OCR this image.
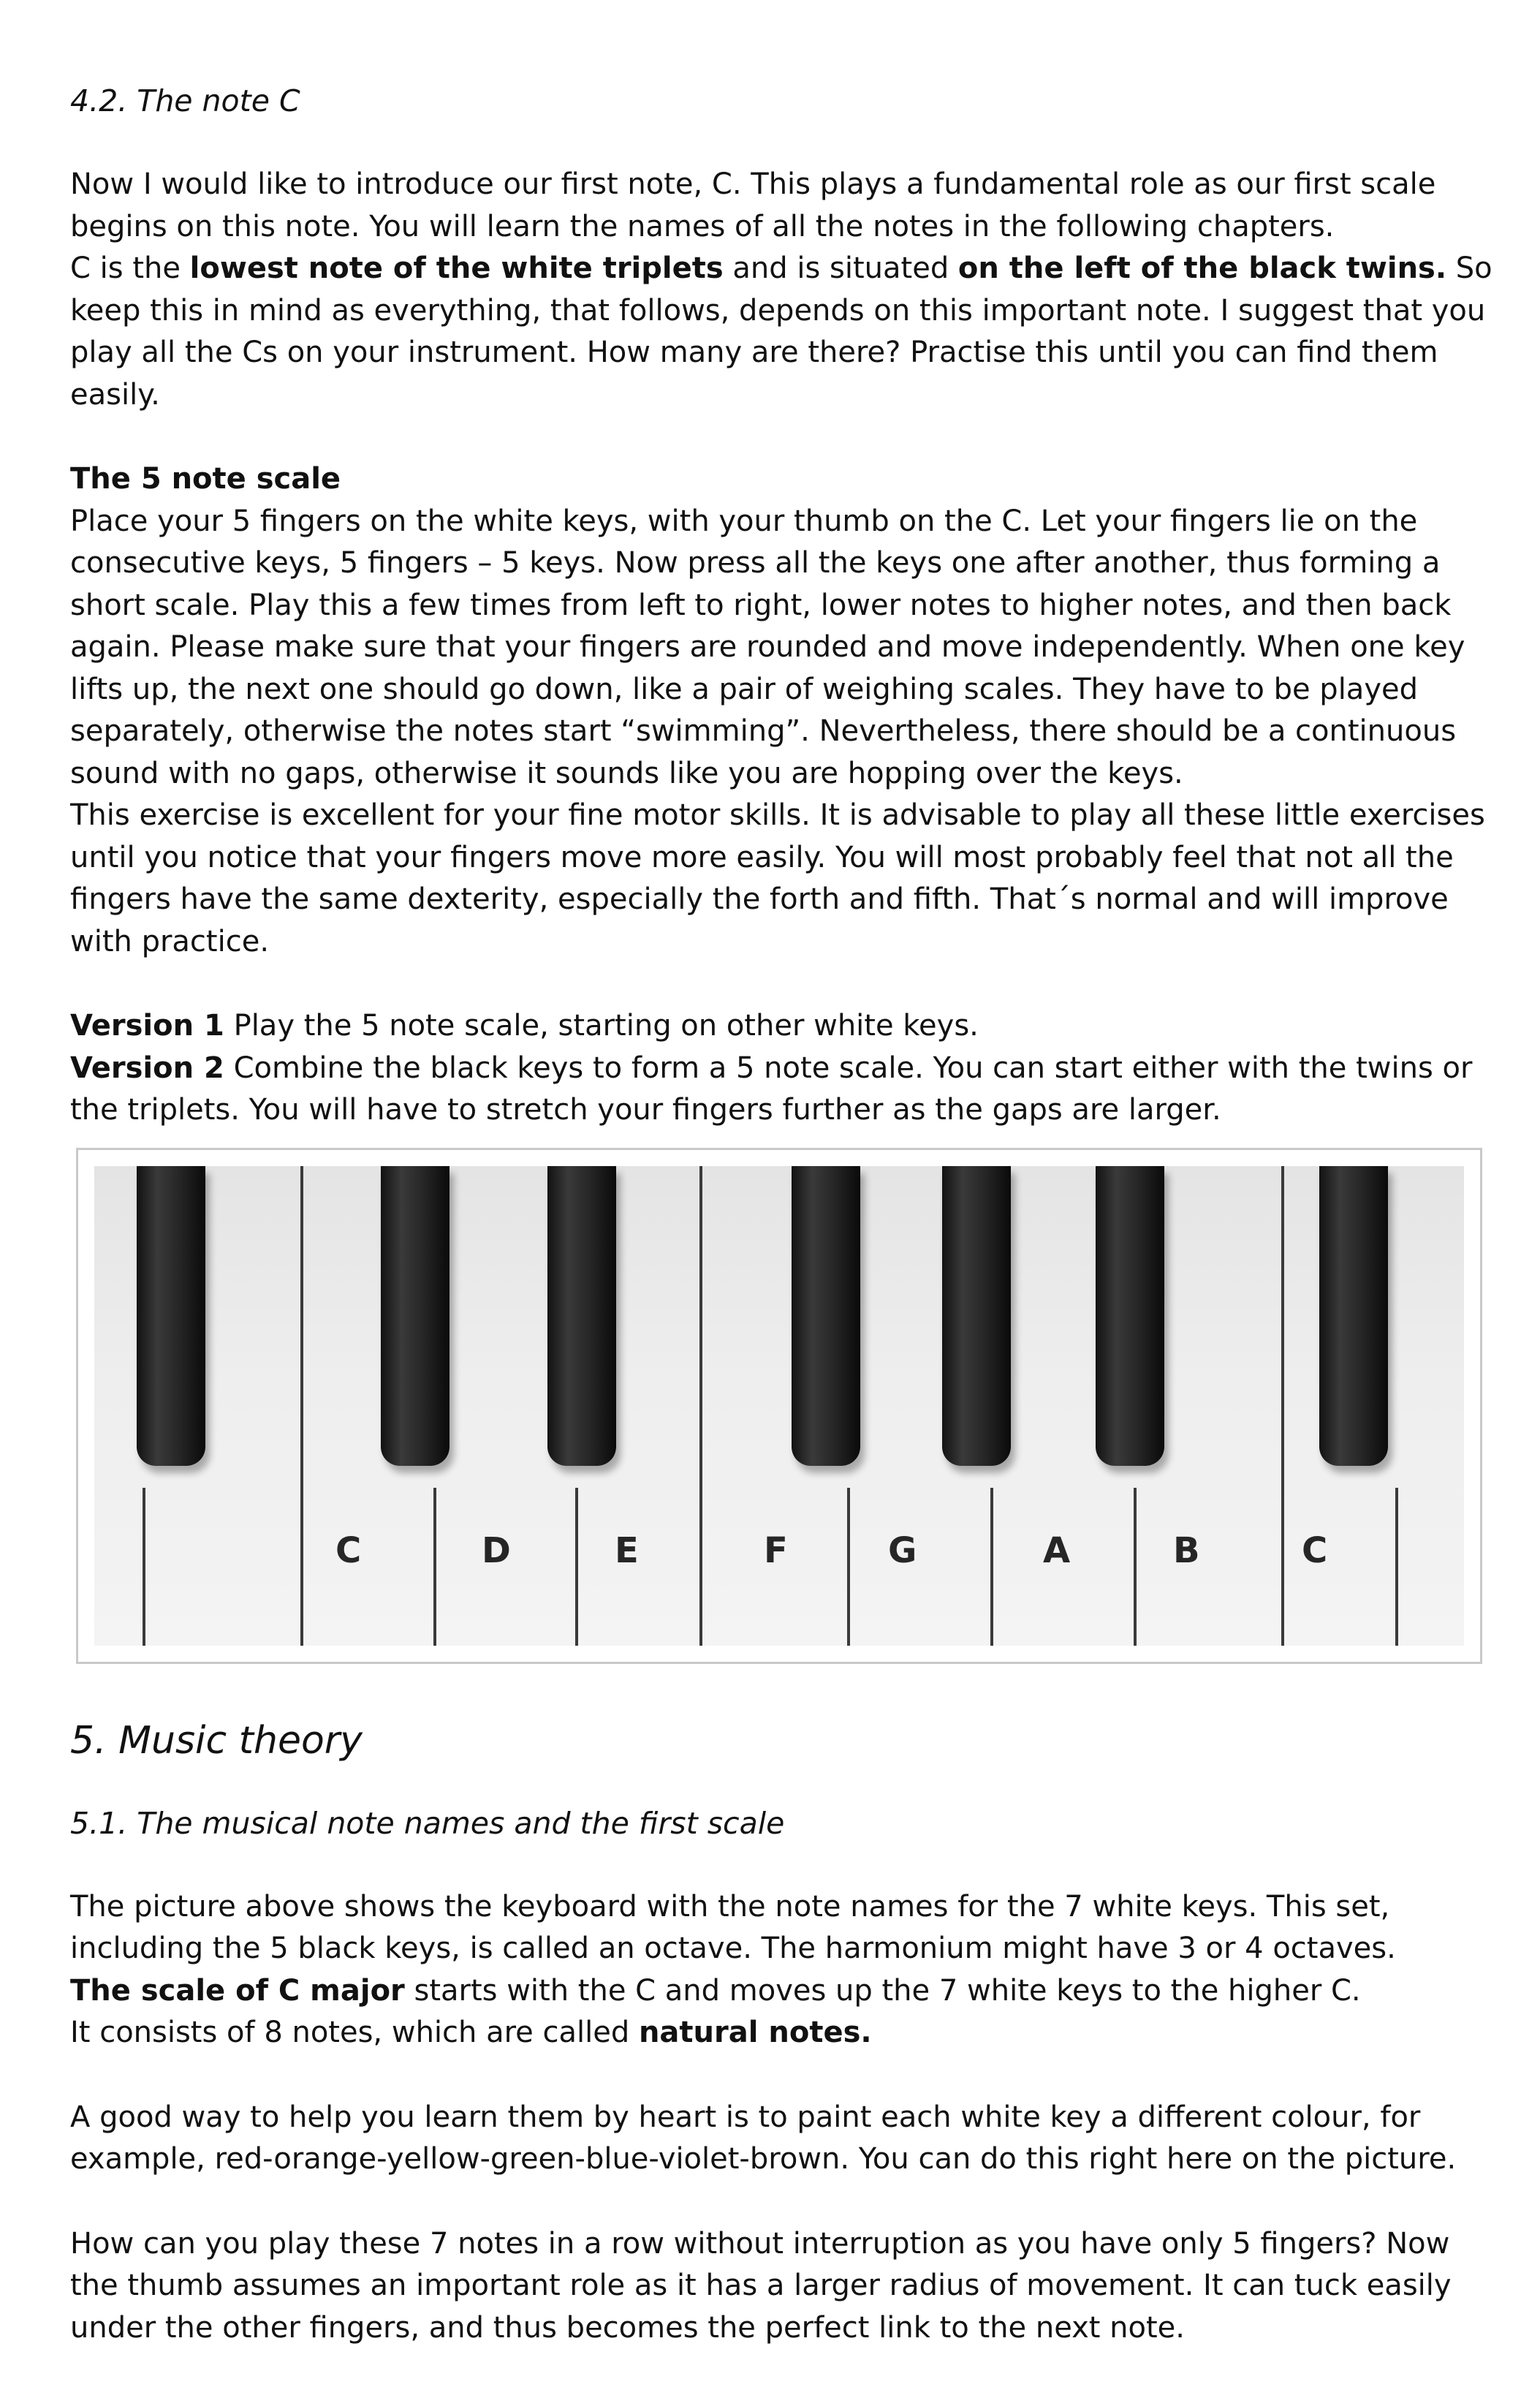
4.2. The note C

Now I would like to introduce our first note, C. This plays a fundamental role as our first scale begins on this note. You will learn the names of all the notes in the following chapters.

C is the lowest note of the white triplets and is situated on the left of the black twins. So keep this in mind as everything, that follows, depends on this important note. I suggest that you play all the Cs on your instrument. How many are there? Practise this until you can find them easily.

The 5 note scale

Place your 5 fingers on the white keys, with your thumb on the C. Let your fingers lie on the consecutive keys, 5 fingers – 5 keys. Now press all the keys one after another, thus forming a short scale. Play this a few times from left to right, lower notes to higher notes, and then back again. Please make sure that your fingers are rounded and move independently. When one key lifts up, the next one should go down, like a pair of weighing scales. They have to be played separately, otherwise the notes start “swimming”. Nevertheless, there should be a continuous sound with no gaps, otherwise it sounds like you are hopping over the keys.

This exercise is excellent for your fine motor skills. It is advisable to play all these little exercises until you notice that your fingers move more easily. You will most probably feel that not all the fingers have the same dexterity, especially the forth and fifth. That´s normal and will improve with practice.

Version 1 Play the 5 note scale, starting on other white keys.

Version 2 Combine the black keys to form a 5 note scale. You can start either with the twins or the triplets. You will have to stretch your fingers further as the gaps are larger.

C	D	E	F	G	A	B	C
5. Music theory
5.1. The musical note names and the first scale

The picture above shows the keyboard with the note names for the 7 white keys. This set, including the 5 black keys, is called an octave. The harmonium might have 3 or 4 octaves.

The scale of C major starts with the C and moves up the 7 white keys to the higher C.

It consists of 8 notes, which are called natural notes.

A good way to help you learn them by heart is to paint each white key a different colour, for example, red-orange-yellow-green-blue-violet-brown. You can do this right here on the picture.

How can you play these 7 notes in a row without interruption as you have only 5 fingers? Now the thumb assumes an important role as it has a larger radius of movement. It can tuck easily under the other fingers, and thus becomes the perfect link to the next note.
